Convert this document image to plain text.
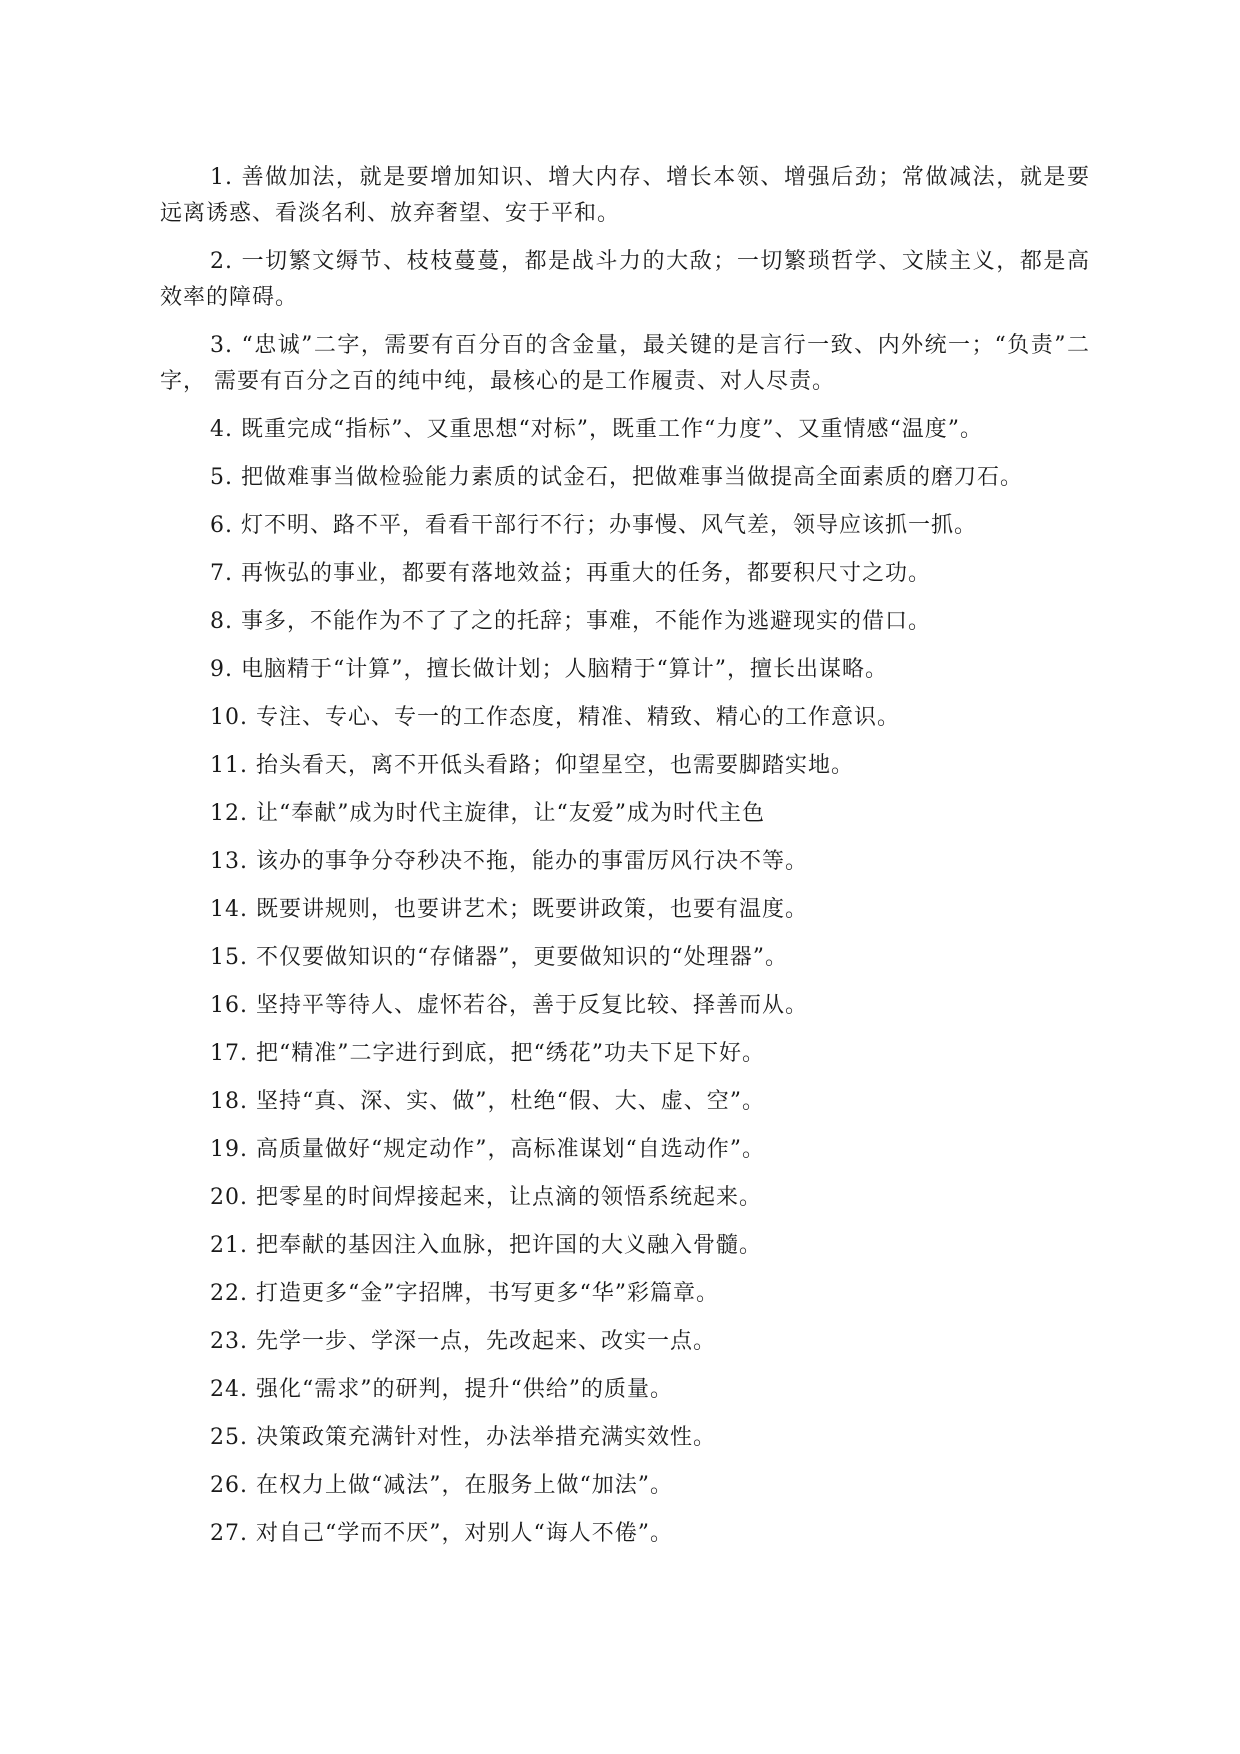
1. 善做加法，就是要增加知识、增大内存、增长本领、增强后劲；常做减法，就是要远离诱惑、看淡名利、放弃奢望、安于平和。

2. 一切繁文缛节、枝枝蔓蔓，都是战斗力的大敌；一切繁琐哲学、文牍主义，都是高效率的障碍。

3. “忠诚”二字，需要有百分百的含金量，最关键的是言行一致、内外统一；“负责”二字， 需要有百分之百的纯中纯，最核心的是工作履责、对人尽责。

4. 既重完成“指标”、又重思想“对标”，既重工作“力度”、又重情感“温度”。

5. 把做难事当做检验能力素质的试金石，把做难事当做提高全面素质的磨刀石。

6. 灯不明、路不平，看看干部行不行；办事慢、风气差，领导应该抓一抓。

7. 再恢弘的事业，都要有落地效益；再重大的任务，都要积尺寸之功。

8. 事多，不能作为不了了之的托辞；事难，不能作为逃避现实的借口。

9. 电脑精于“计算”，擅长做计划；人脑精于“算计”，擅长出谋略。

10. 专注、专心、专一的工作态度，精准、精致、精心的工作意识。

11. 抬头看天，离不开低头看路；仰望星空，也需要脚踏实地。

12. 让“奉献”成为时代主旋律，让“友爱”成为时代主色

13. 该办的事争分夺秒决不拖，能办的事雷厉风行决不等。

14. 既要讲规则，也要讲艺术；既要讲政策，也要有温度。

15. 不仅要做知识的“存储器”，更要做知识的“处理器”。

16. 坚持平等待人、虚怀若谷，善于反复比较、择善而从。

17. 把“精准”二字进行到底，把“绣花”功夫下足下好。

18. 坚持“真、深、实、做”，杜绝“假、大、虚、空”。

19. 高质量做好“规定动作”，高标准谋划“自选动作”。

20. 把零星的时间焊接起来，让点滴的领悟系统起来。

21. 把奉献的基因注入血脉，把许国的大义融入骨髓。

22. 打造更多“金”字招牌，书写更多“华”彩篇章。

23. 先学一步、学深一点，先改起来、改实一点。

24. 强化“需求”的研判，提升“供给”的质量。

25. 决策政策充满针对性，办法举措充满实效性。

26. 在权力上做“减法”，在服务上做“加法”。

27. 对自己“学而不厌”，对别人“诲人不倦”。
